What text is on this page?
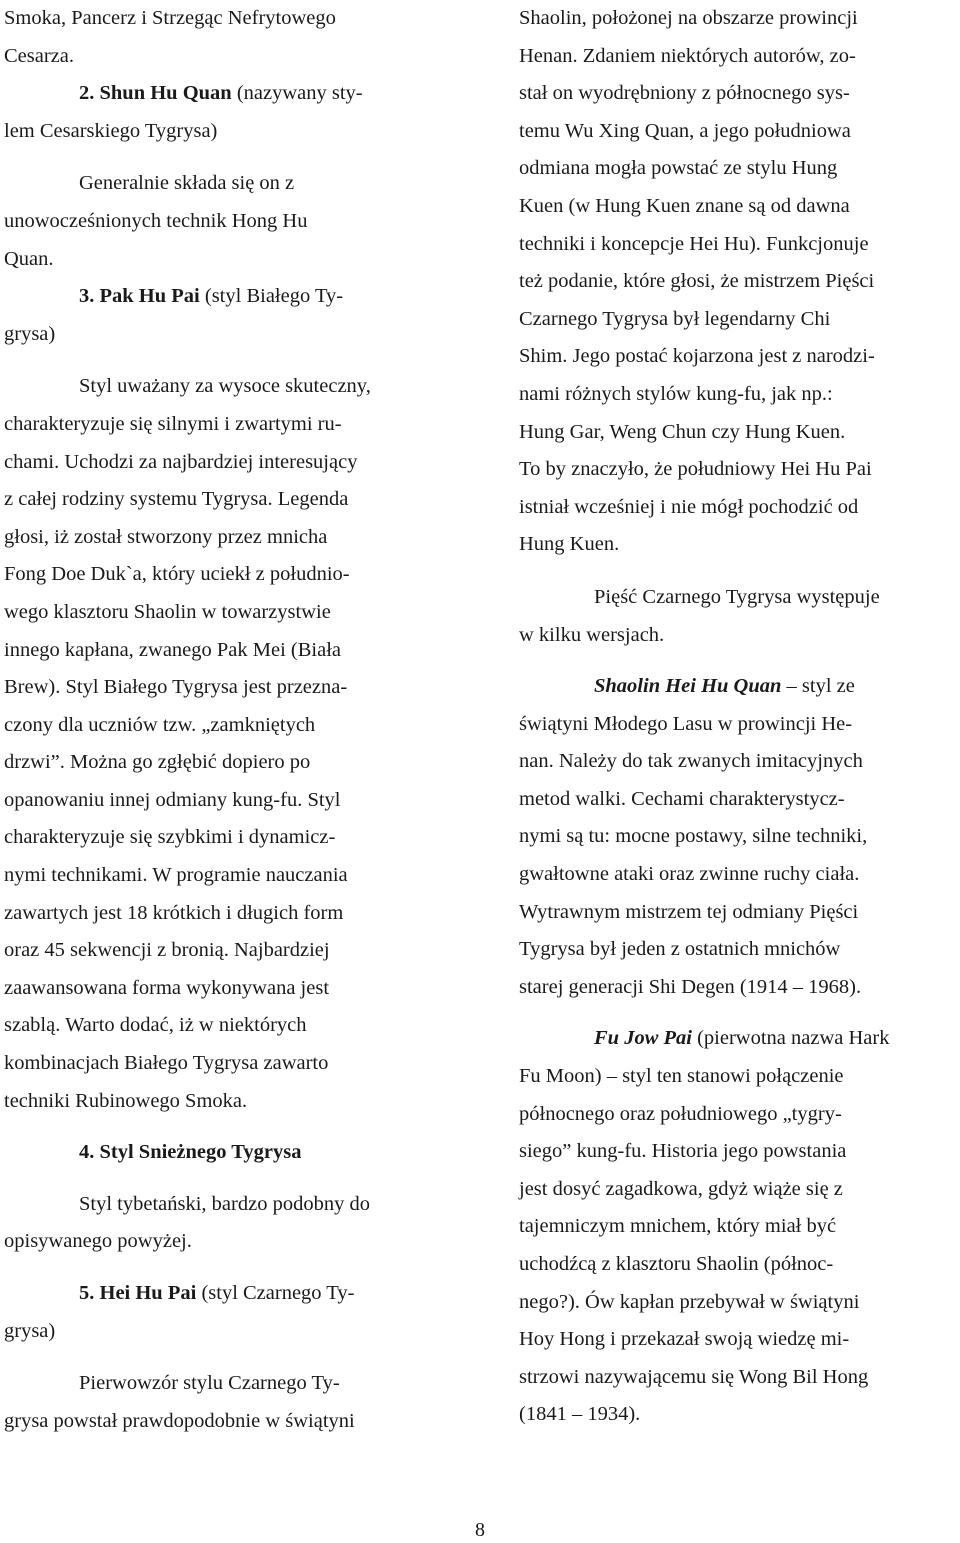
Smoka, Pancerz i Strzegąc Nefrytowego
Cesarza.
2. Shun Hu Quan (nazywany sty-
lem Cesarskiego Tygrysa)
Generalnie składa się on z
unowocześnionych technik Hong Hu
Quan.
3. Pak Hu Pai (styl Białego Ty-
grysa)
Styl uważany za wysoce skuteczny,
charakteryzuje się silnymi i zwartymi ru-
chami. Uchodzi za najbardziej interesujący
z całej rodziny systemu Tygrysa. Legenda
głosi, iż został stworzony przez mnicha
Fong Doe Duk`a, który uciekł z południo-
wego klasztoru Shaolin w towarzystwie
innego kapłana, zwanego Pak Mei (Biała
Brew). Styl Białego Tygrysa jest przezna-
czony dla uczniów tzw. „zamkniętych
drzwi”. Można go zgłębić dopiero po
opanowaniu innej odmiany kung-fu. Styl
charakteryzuje się szybkimi i dynamicz-
nymi technikami. W programie nauczania
zawartych jest 18 krótkich i długich form
oraz 45 sekwencji z bronią. Najbardziej
zaawansowana forma wykonywana jest
szablą. Warto dodać, iż w niektórych
kombinacjach Białego Tygrysa zawarto
techniki Rubinowego Smoka.
4. Styl Snieżnego Tygrysa
Styl tybetański, bardzo podobny do
opisywanego powyżej.
5. Hei Hu Pai (styl Czarnego Ty-
grysa)
Pierwowzór stylu Czarnego Ty-
grysa powstał prawdopodobnie w świątyni
Shaolin, położonej na obszarze prowincji
Henan. Zdaniem niektórych autorów, zo-
stał on wyodrębniony z północnego sys-
temu Wu Xing Quan, a jego południowa
odmiana mogła powstać ze stylu Hung
Kuen (w Hung Kuen znane są od dawna
techniki i koncepcje Hei Hu). Funkcjonuje
też podanie, które głosi, że mistrzem Pięści
Czarnego Tygrysa był legendarny Chi
Shim. Jego postać kojarzona jest z narodzi-
nami różnych stylów kung-fu, jak np.:
Hung Gar, Weng Chun czy Hung Kuen.
To by znaczyło, że południowy Hei Hu Pai
istniał wcześniej i nie mógł pochodzić od
Hung Kuen.
Pięść Czarnego Tygrysa występuje
w kilku wersjach.
Shaolin Hei Hu Quan – styl ze
świątyni Młodego Lasu w prowincji He-
nan. Należy do tak zwanych imitacyjnych
metod walki. Cechami charakterystycz-
nymi są tu: mocne postawy, silne techniki,
gwałtowne ataki oraz zwinne ruchy ciała.
Wytrawnym mistrzem tej odmiany Pięści
Tygrysa był jeden z ostatnich mnichów
starej generacji Shi Degen (1914 – 1968).
Fu Jow Pai (pierwotna nazwa Hark
Fu Moon) – styl ten stanowi połączenie
północnego oraz południowego „tygry-
siego” kung-fu. Historia jego powstania
jest dosyć zagadkowa, gdyż wiąże się z
tajemniczym mnichem, który miał być
uchodźcą z klasztoru Shaolin (północ-
nego?). Ów kapłan przebywał w świątyni
Hoy Hong i przekazał swoją wiedzę mi-
strzowi nazywającemu się Wong Bil Hong
(1841 – 1934).
8
